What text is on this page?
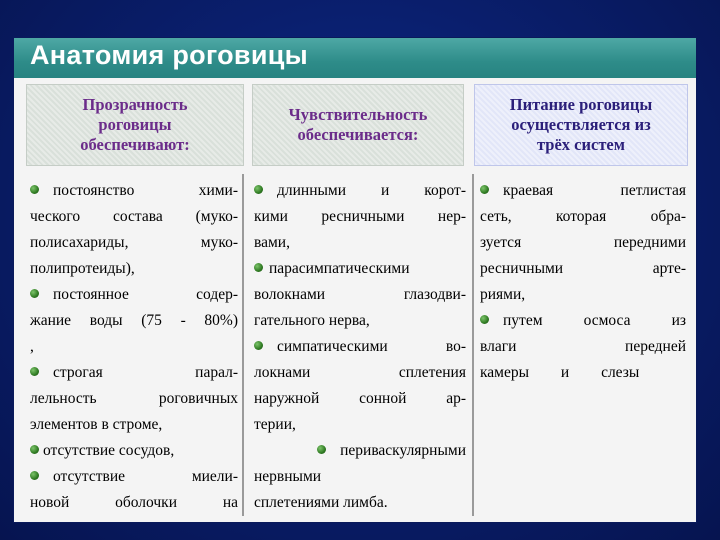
Анатомия роговицы
Прозрачность
роговицы
обеспечивают:
Чувствительность
обеспечивается:
Питание роговицы
осуществляется из
трёх систем

постоянство хими-

ческого состава (муко-

полисахариды, муко-

полипротеиды),

постоянное содер-

жание воды (75 - 80%)

,

строгая парал-

лельность роговичных

элементов в строме,

отсутствие сосудов,

отсутствие миели-

новой оболочки на

длинными и корот-

кими ресничными нер-

вами,

парасимпатическими

волокнами глазодви-

гательного нерва,

симпатическими во-

локнами сплетения

наружной сонной ар-

терии,

периваскулярными

нервными

сплетениями лимба.

краевая петлистая

сеть, которая обра-

зуется передними

ресничными арте-

риями,

путем осмоса из

влаги передней

камеры и слезы
